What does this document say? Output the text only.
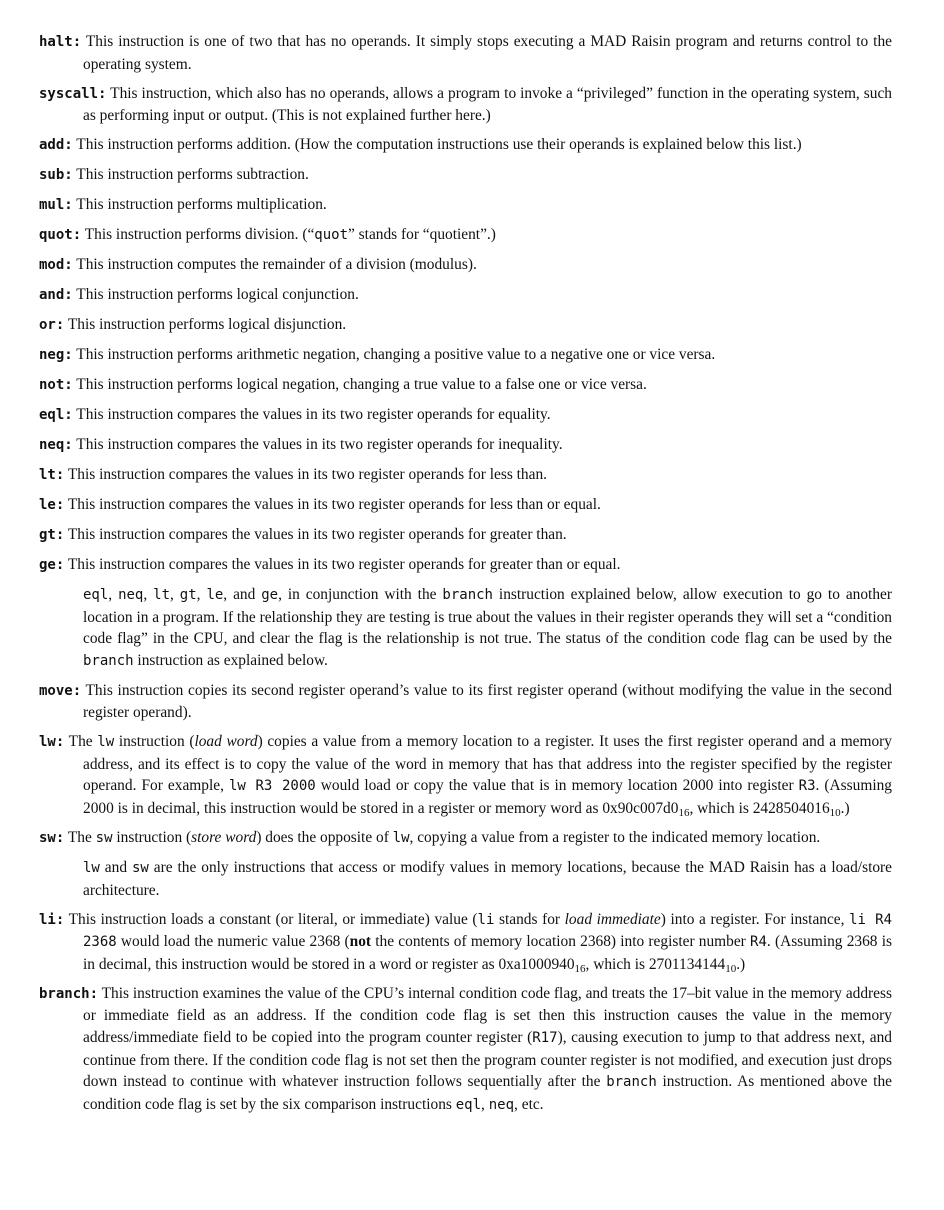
halt: This instruction is one of two that has no operands. It simply stops executing a MAD Raisin program and returns control to the operating system.

syscall: This instruction, which also has no operands, allows a program to invoke a “privileged” function in the operating system, such as performing input or output. (This is not explained further here.)

add: This instruction performs addition. (How the computation instructions use their operands is explained below this list.)

sub: This instruction performs subtraction.

mul: This instruction performs multiplication.

quot: This instruction performs division. (“quot” stands for “quotient”.)

mod: This instruction computes the remainder of a division (modulus).

and: This instruction performs logical conjunction.

or: This instruction performs logical disjunction.

neg: This instruction performs arithmetic negation, changing a positive value to a negative one or vice versa.

not: This instruction performs logical negation, changing a true value to a false one or vice versa.

eql: This instruction compares the values in its two register operands for equality.

neq: This instruction compares the values in its two register operands for inequality.

lt: This instruction compares the values in its two register operands for less than.

le: This instruction compares the values in its two register operands for less than or equal.

gt: This instruction compares the values in its two register operands for greater than.

ge: This instruction compares the values in its two register operands for greater than or equal.

eql, neq, lt, gt, le, and ge, in conjunction with the branch instruction explained below, allow execution to go to another location in a program. If the relationship they are testing is true about the values in their register operands they will set a “condition code flag” in the CPU, and clear the flag is the relationship is not true. The status of the condition code flag can be used by the branch instruction as explained below.

move: This instruction copies its second register operand’s value to its first register operand (without modifying the value in the second register operand).

lw: The lw instruction (load word) copies a value from a memory location to a register. It uses the first register operand and a memory address, and its effect is to copy the value of the word in memory that has that address into the register specified by the register operand. For example, lw R3 2000 would load or copy the value that is in memory location 2000 into register R3. (Assuming 2000 is in decimal, this instruction would be stored in a register or memory word as $0x90c007d0_{16}$, which is $2428504016_{10}$.)

sw: The sw instruction (store word) does the opposite of lw, copying a value from a register to the indicated memory location.

lw and sw are the only instructions that access or modify values in memory locations, because the MAD Raisin has a load/store architecture.

li: This instruction loads a constant (or literal, or immediate) value (li stands for load immediate) into a register. For instance, li R4 2368 would load the numeric value 2368 (not the contents of memory location 2368) into register number R4. (Assuming 2368 is in decimal, this instruction would be stored in a word or register as $0xa1000940_{16}$, which is $2701134144_{10}$.)

branch: This instruction examines the value of the CPU’s internal condition code flag, and treats the 17–bit value in the memory address or immediate field as an address. If the condition code flag is set then this instruction causes the value in the memory address/immediate field to be copied into the program counter register (R17), causing execution to jump to that address next, and continue from there. If the condition code flag is not set then the program counter register is not modified, and execution just drops down instead to continue with whatever instruction follows sequentially after the branch instruction. As mentioned above the condition code flag is set by the six comparison instructions eql, neq, etc.
